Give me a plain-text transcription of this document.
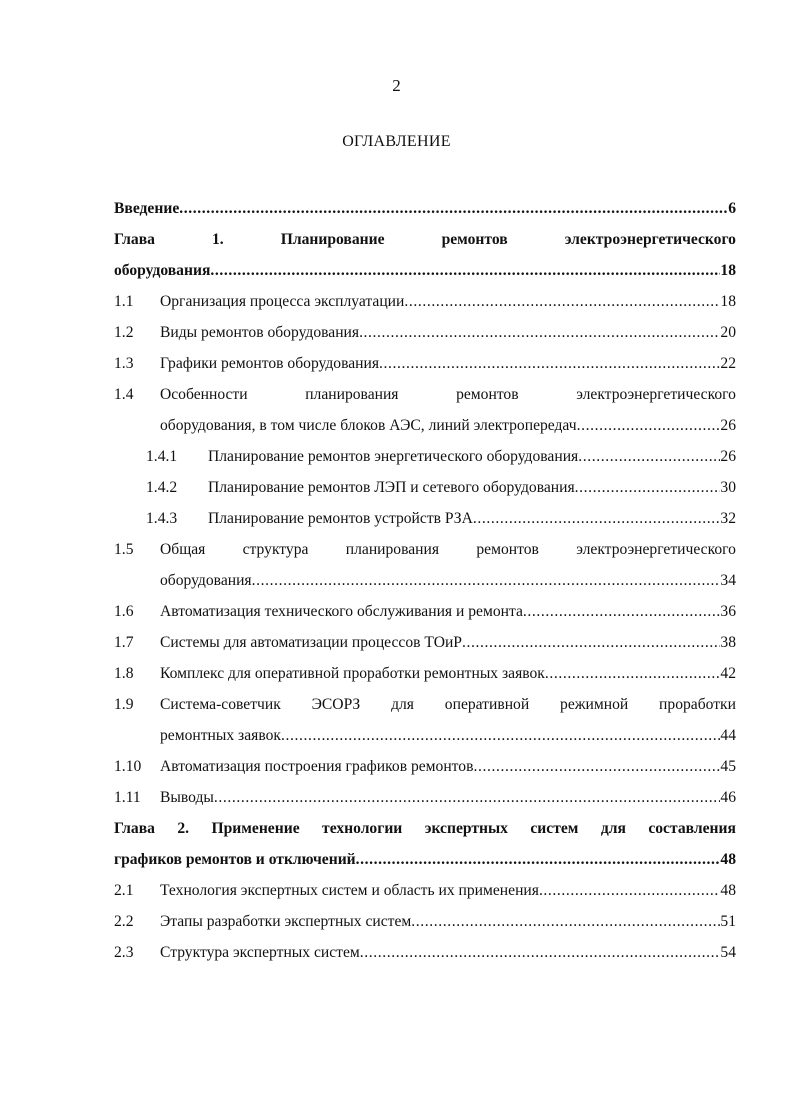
2
ОГЛАВЛЕНИЕ
Введение .....	6
Глава	1.	Планирование	ремонтов	электроэнергетического
оборудования .....	18
1.1 Организация процесса эксплуатации .....	18
1.2 Виды ремонтов оборудования .....	20
1.3 Графики ремонтов оборудования .....	22
1.4 Особенности	планирования	ремонтов	электроэнергетического
оборудования, в том числе блоков АЭС, линий электропередач .....	26
1.4.1 Планирование ремонтов энергетического оборудования .....	26
1.4.2 Планирование ремонтов ЛЭП и сетевого оборудования .....	30
1.4.3 Планирование ремонтов устройств РЗА .....	32
1.5 Общая структура планирования ремонтов электроэнергетического
оборудования .....	34
1.6 Автоматизация технического обслуживания и ремонта .....	36
1.7 Системы для автоматизации процессов ТОиР .....	38
1.8 Комплекс для оперативной проработки ремонтных заявок .....	42
1.9 Система-советчик ЭСОРЗ для оперативной режимной проработки
ремонтных заявок .....	44
1.10 Автоматизация построения графиков ремонтов .....	45
1.11 Выводы .....	46
Глава 2. Применение технологии экспертных систем для составления
графиков ремонтов и отключений .....	48
2.1 Технология экспертных систем и область их применения .....	48
2.2 Этапы разработки экспертных систем .....	51
2.3 Структура экспертных систем .....	54
